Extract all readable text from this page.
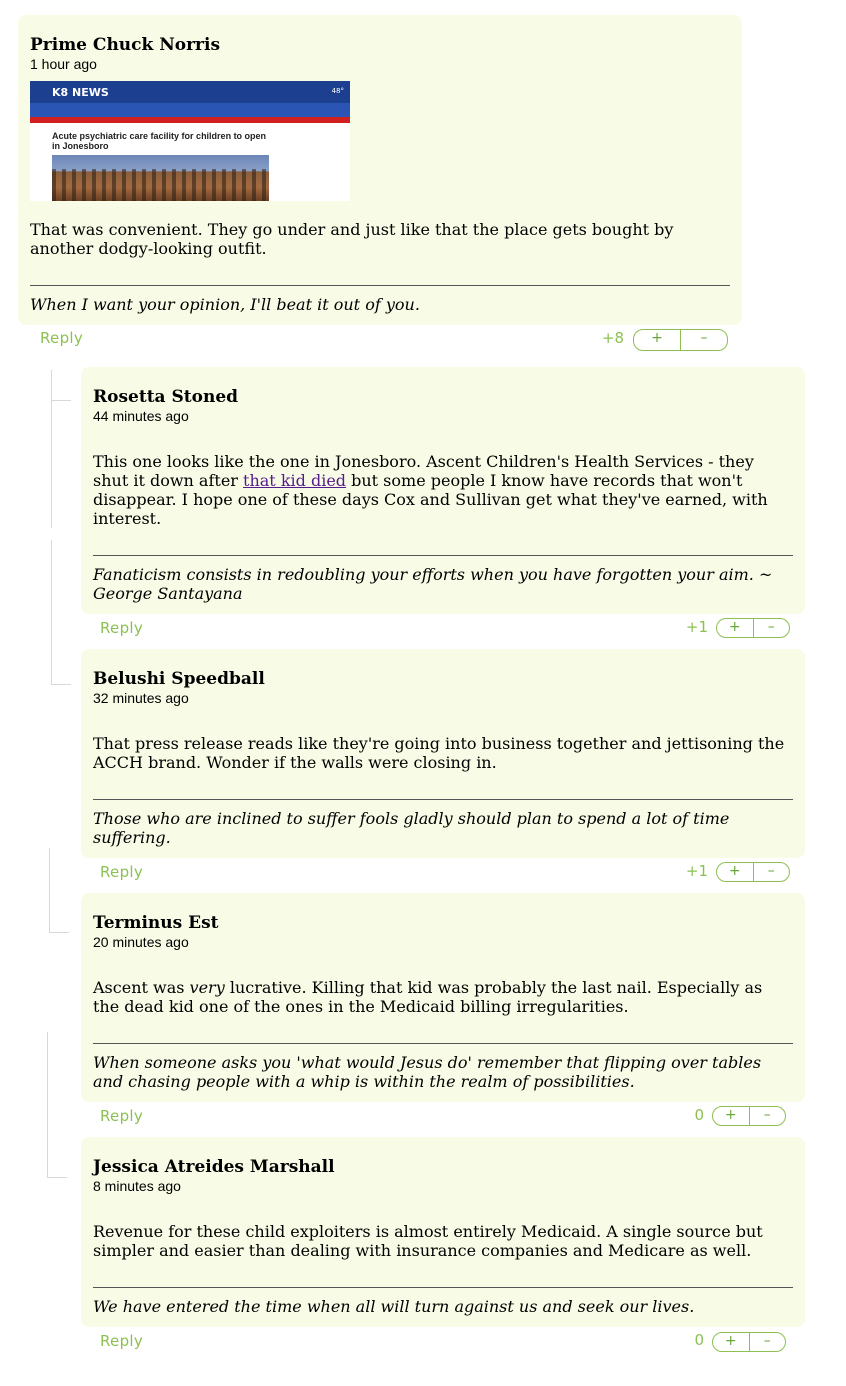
Prime Chuck Norris
1 hour ago
K8 NEWS	48°
Acute psychiatric care facility for children to open in Jonesboro
That was convenient. They go under and just like that the place gets bought by another dodgy-looking outfit.
When I want your opinion, I'll beat it out of you.
Reply	+8	+	–
Rosetta Stoned
44 minutes ago
This one looks like the one in Jonesboro. Ascent Children's Health Services - they shut it down after that kid died but some people I know have records that won't disappear. I hope one of these days Cox and Sullivan get what they've earned, with interest.
Fanaticism consists in redoubling your efforts when you have forgotten your aim. ~ George Santayana
Reply	+1	+	–
Belushi Speedball
32 minutes ago
That press release reads like they're going into business together and jettisoning the ACCH brand. Wonder if the walls were closing in.
Those who are inclined to suffer fools gladly should plan to spend a lot of time suffering.
Reply	+1	+	–
Terminus Est
20 minutes ago
Ascent was very lucrative. Killing that kid was probably the last nail. Especially as the dead kid one of the ones in the Medicaid billing irregularities.
When someone asks you 'what would Jesus do' remember that flipping over tables and chasing people with a whip is within the realm of possibilities.
Reply	0	+	–
Jessica Atreides Marshall
8 minutes ago
Revenue for these child exploiters is almost entirely Medicaid. A single source but simpler and easier than dealing with insurance companies and Medicare as well.
We have entered the time when all will turn against us and seek our lives.
Reply	0	+	–
